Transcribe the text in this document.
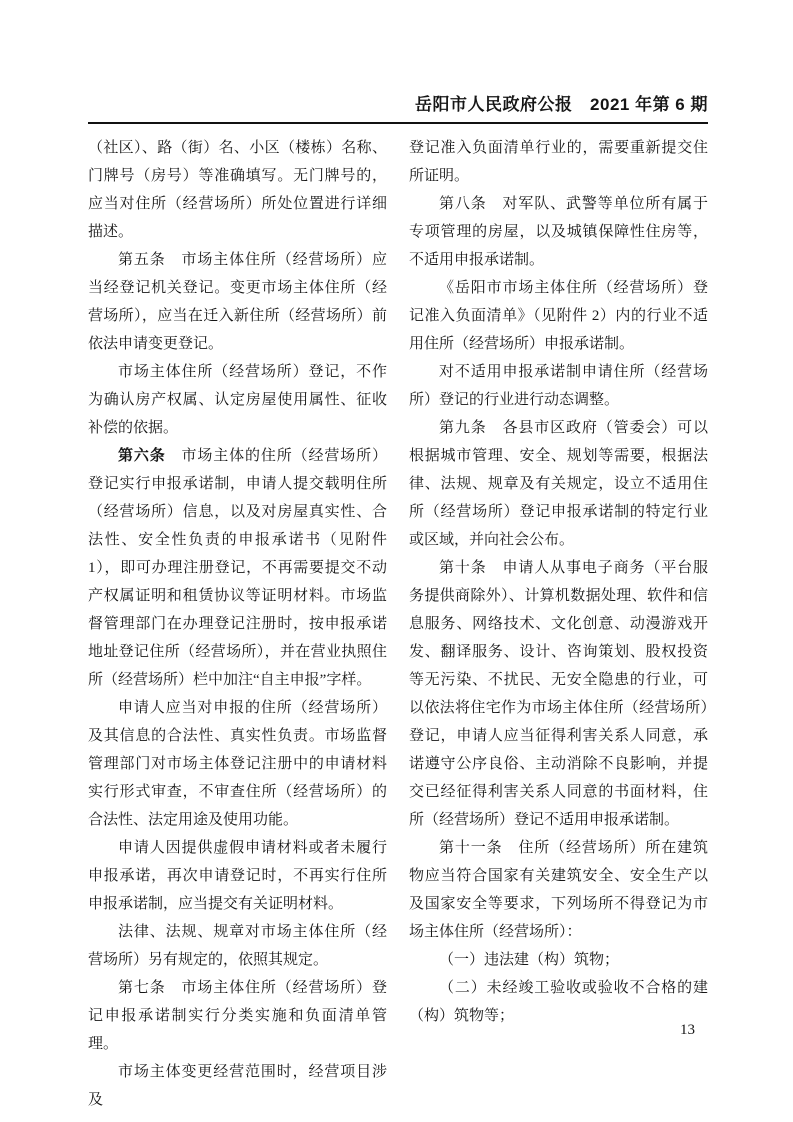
岳阳市人民政府公报　2021 年第 6 期

（社区）、路（街）名、小区（楼栋）名称、门牌号（房号）等准确填写。无门牌号的，应当对住所（经营场所）所处位置进行详细描述。

第五条　市场主体住所（经营场所）应当经登记机关登记。变更市场主体住所（经营场所），应当在迁入新住所（经营场所）前依法申请变更登记。

市场主体住所（经营场所）登记，不作为确认房产权属、认定房屋使用属性、征收补偿的依据。

第六条　市场主体的住所（经营场所）登记实行申报承诺制，申请人提交载明住所（经营场所）信息，以及对房屋真实性、合法性、安全性负责的申报承诺书（见附件 1），即可办理注册登记，不再需要提交不动产权属证明和租赁协议等证明材料。市场监督管理部门在办理登记注册时，按申报承诺地址登记住所（经营场所），并在营业执照住所（经营场所）栏中加注“自主申报”字样。

申请人应当对申报的住所（经营场所）及其信息的合法性、真实性负责。市场监督管理部门对市场主体登记注册中的申请材料实行形式审查，不审查住所（经营场所）的合法性、法定用途及使用功能。

申请人因提供虚假申请材料或者未履行申报承诺，再次申请登记时，不再实行住所申报承诺制，应当提交有关证明材料。

法律、法规、规章对市场主体住所（经营场所）另有规定的，依照其规定。

第七条　市场主体住所（经营场所）登记申报承诺制实行分类实施和负面清单管理。

市场主体变更经营范围时，经营项目涉及

登记准入负面清单行业的，需要重新提交住所证明。

第八条　对军队、武警等单位所有属于专项管理的房屋，以及城镇保障性住房等，不适用申报承诺制。

《岳阳市市场主体住所（经营场所）登记准入负面清单》（见附件 2）内的行业不适用住所（经营场所）申报承诺制。

对不适用申报承诺制申请住所（经营场所）登记的行业进行动态调整。

第九条　各县市区政府（管委会）可以根据城市管理、安全、规划等需要，根据法律、法规、规章及有关规定，设立不适用住所（经营场所）登记申报承诺制的特定行业或区域，并向社会公布。

第十条　申请人从事电子商务（平台服务提供商除外）、计算机数据处理、软件和信息服务、网络技术、文化创意、动漫游戏开发、翻译服务、设计、咨询策划、股权投资等无污染、不扰民、无安全隐患的行业，可以依法将住宅作为市场主体住所（经营场所）登记，申请人应当征得利害关系人同意，承诺遵守公序良俗、主动消除不良影响，并提交已经征得利害关系人同意的书面材料，住所（经营场所）登记不适用申报承诺制。

第十一条　住所（经营场所）所在建筑物应当符合国家有关建筑安全、安全生产以及国家安全等要求，下列场所不得登记为市场主体住所（经营场所）：

（一）违法建（构）筑物；

（二）未经竣工验收或验收不合格的建（构）筑物等；

13
